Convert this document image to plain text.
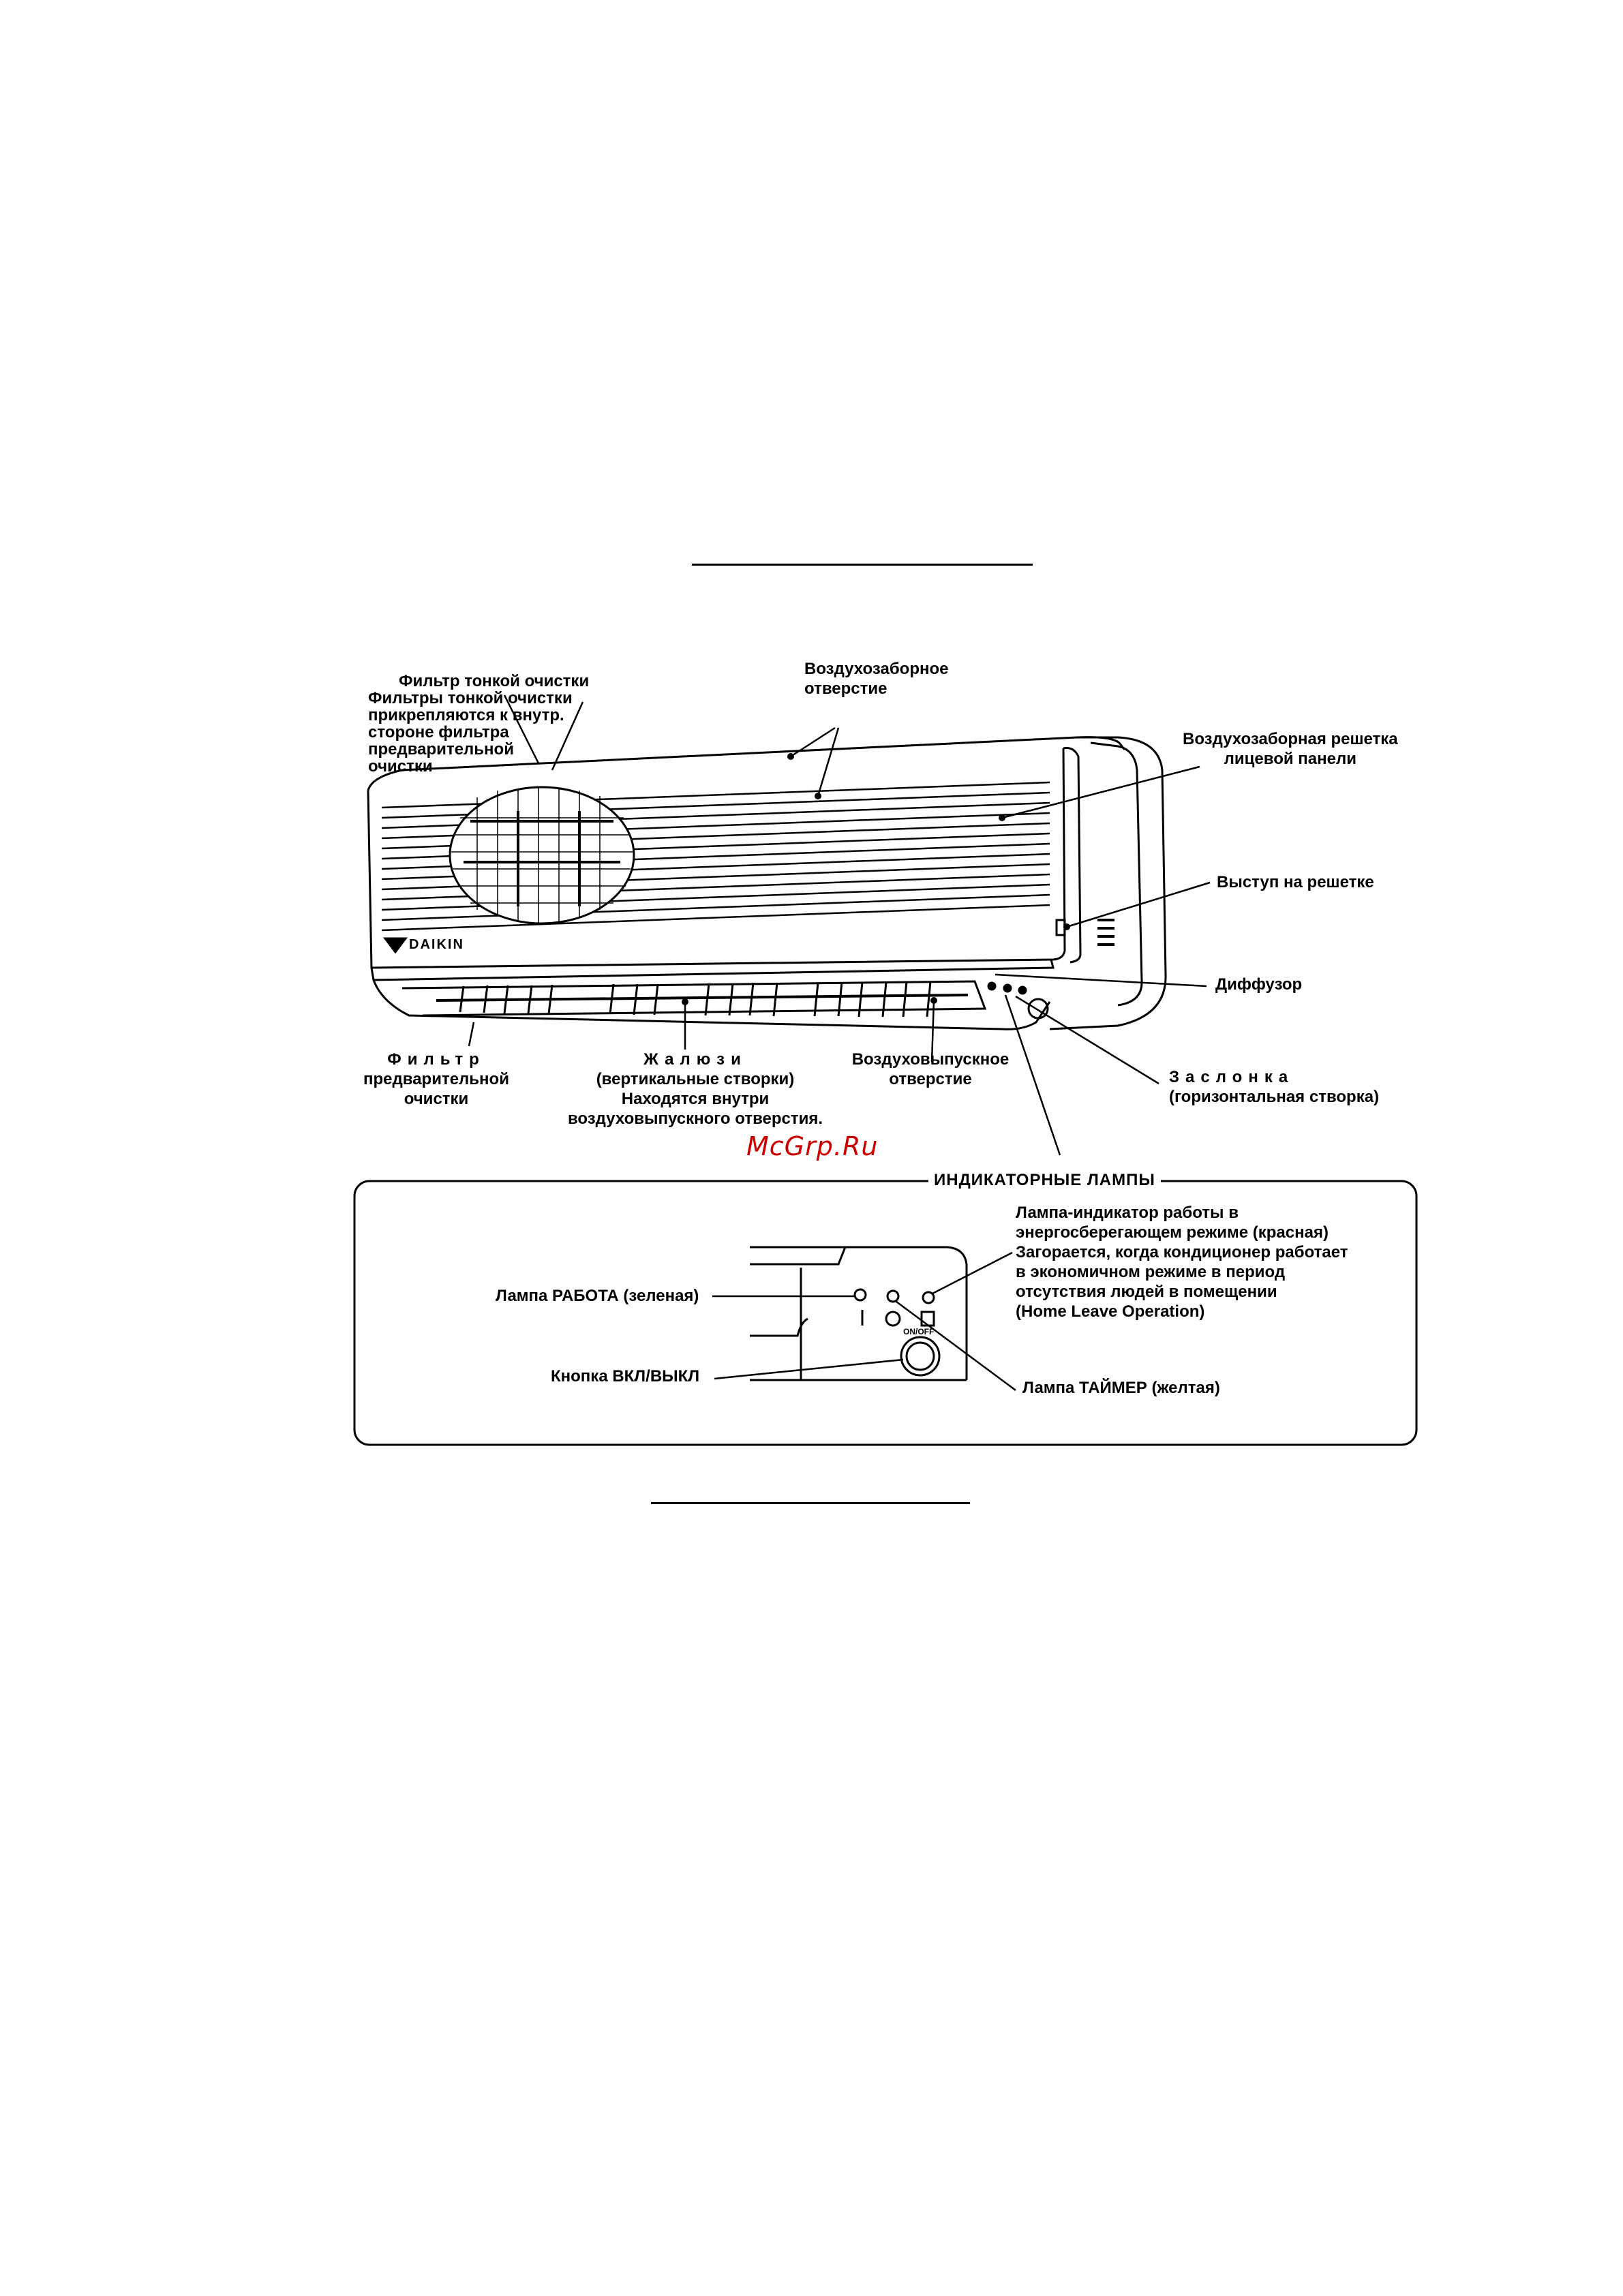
DAIKIN
Фильтр тонкой очистки
Фильтры тонкой очистки
прикрепляются к внутр.
стороне фильтра
предварительной
очистки
Воздухозаборное
отверстие
Воздухозаборная решетка
лицевой панели
Выступ на решетке
Диффузор
Фильтр
предварительной
очистки
Жалюзи
(вертикальные створки)
Находятся внутри
воздуховыпускного отверстия.
Воздуховыпускное
отверстие	Заслонка
(горизонтальная створка)
McGrp.Ru
ИНДИКАТОРНЫЕ ЛАМПЫ
Лампа РАБОТА (зеленая)
Кнопка ВКЛ/ВЫКЛ
Лампа ТАЙМЕР (желтая)
Лампа-индикатор работы в
энергосберегающем режиме (красная)
Загорается, когда кондиционер работает
в экономичном режиме в период
отсутствия людей в помещении
(Home Leave Operation)
ON/OFF
